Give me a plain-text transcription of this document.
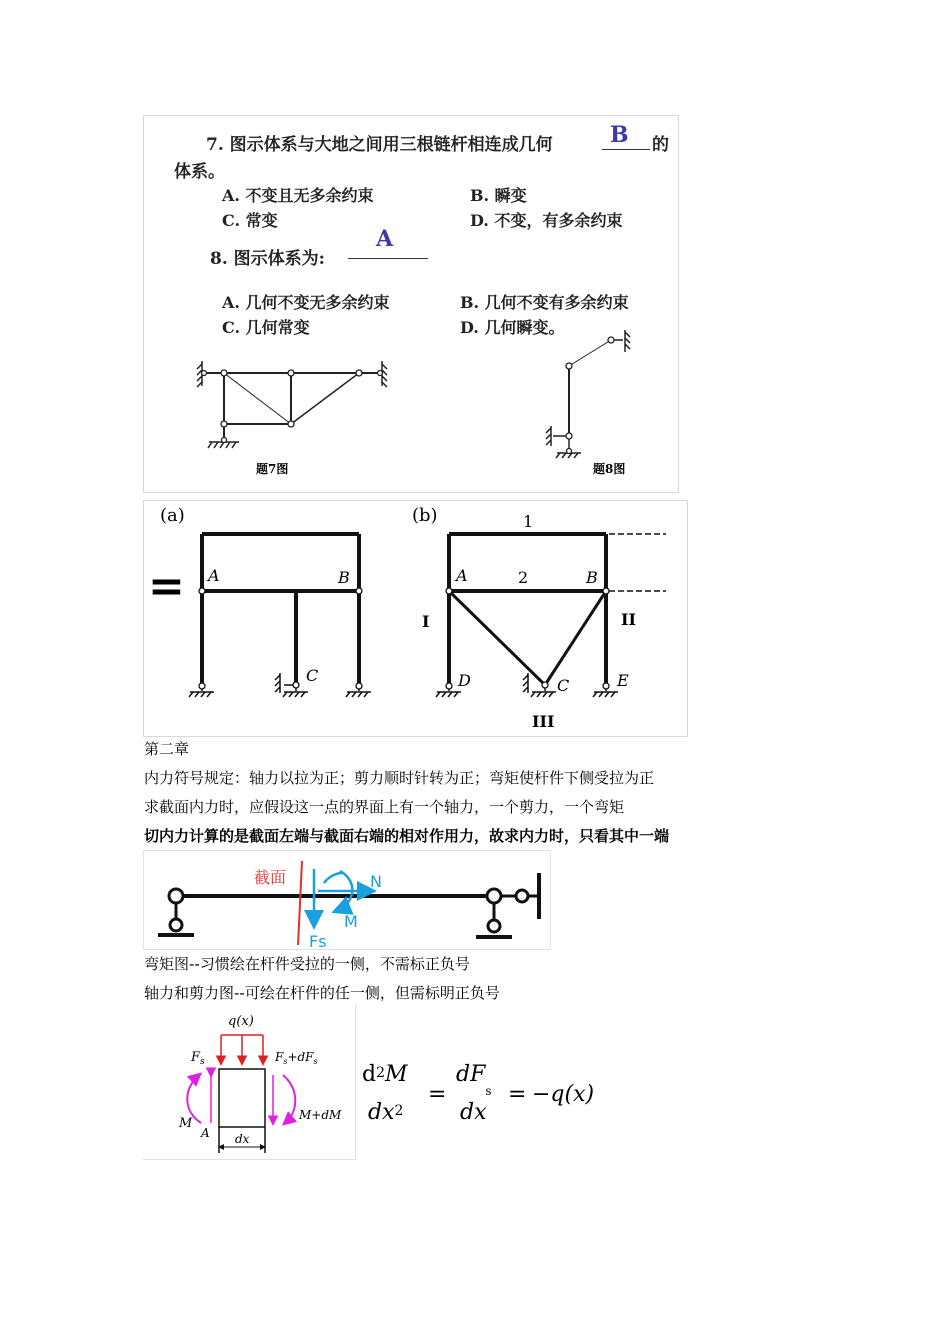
7. 图示体系与大地之间用三根链杆相连成几何	B 的
体系。
A. 不变且无多余约束	B. 瞬变
C. 常变	D. 不变，有多余约束
8. 图示体系为:
A
A. 几何不变无多余约束	B. 几何不变有多余约束
C. 几何常变	D. 几何瞬变。
题7图	题8图
(a)	(b)
= A	B
C
1
2
A	B
C
D	E
I	II
III
第二章
内力符号规定：轴力以拉为正；剪力顺时针转为正；弯矩使杆件下侧受拉为正
求截面内力时，应假设这一点的界面上有一个轴力，一个剪力，一个弯矩
切内力计算的是截面左端与截面右端的相对作用力，故求内力时，只看其中一端
截面	N
M
Fs
弯矩图--习惯绘在杆件受拉的一侧，不需标正负号
轴力和剪力图--可绘在杆件的任一侧，但需标明正负号
q(x)
$F_s$	$F_s+dF_s$
M
A
M+dM
dx
d2M
dx2
=
$dF_s$
dx
= −q(x)
